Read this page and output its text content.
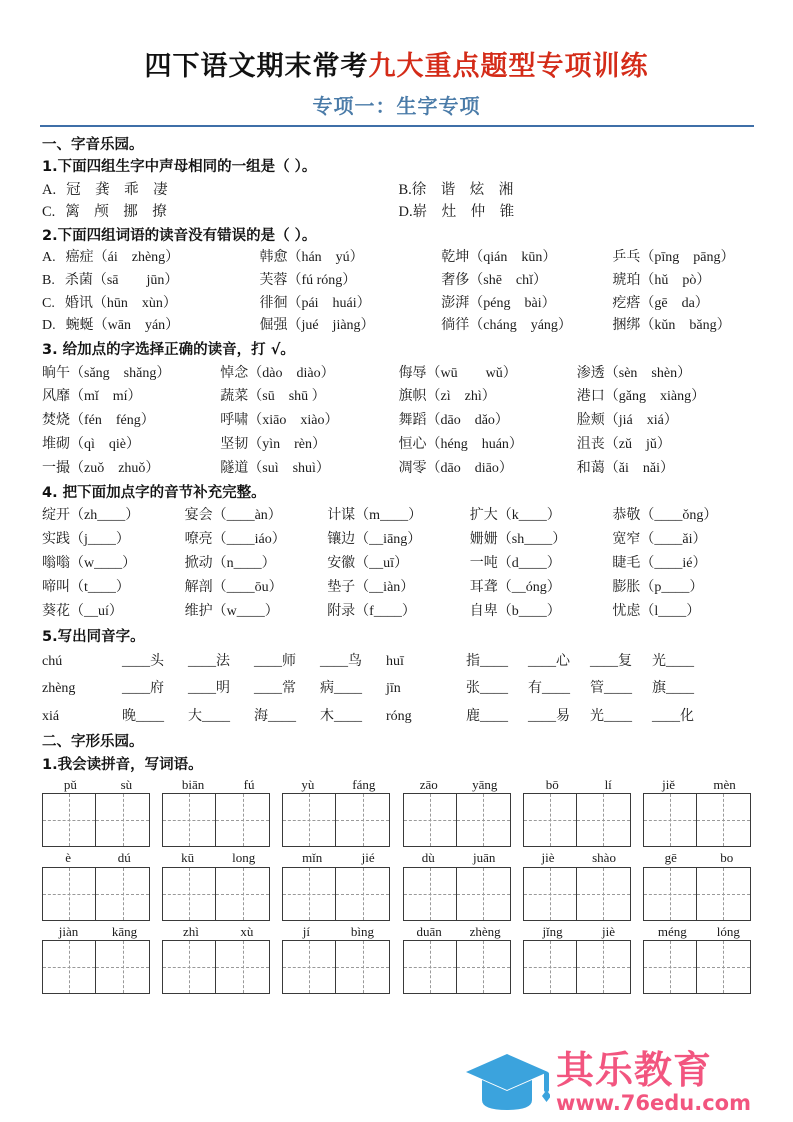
四下语文期末常考九大重点题型专项训练
专项一：生字专项
一、字音乐园。
1.下面四组生字中声母相同的一组是（ ）。
A. 冠　龚　乖　凄	B.徐　谐　炫　湘
C. 篱　颅　挪　撩	D.崭　灶　仲　锥
2.下面四组词语的读音没有错误的是（ ）。
A. 癌症（ái　zhèng）	韩愈（hán　yú）	乾坤（qián　kūn）	乒乓（pīng　pāng）
B. 杀菌（sā　　jūn）	芙蓉（fú róng）	奢侈（shē　chǐ）	琥珀（hǔ　pò）
C. 婚讯（hūn　xùn）	徘徊（pái　huái）	澎湃（péng　bài）	疙瘩（gē　da）
D. 蜿蜒（wān　yán）	倔强（jué　jiàng）	徜徉（cháng　yáng）	捆绑（kǔn　bǎng）
3. 给加点的字选择正确的读音，打 √。
晌午（sǎng　shǎng）	悼念（dào　diào）	侮辱（wū　　wǔ）	渗透（sèn　shèn）
风靡（mǐ　mí）	蔬菜（sū　shū ）	旗帜（zì　zhì）	港口（gǎng　xiàng）
焚烧（fén　féng）	呼啸（xiāo　xiào）	舞蹈（dāo　dǎo）	脸颊（jiá　xiá）
堆砌（qì　qiè）	坚韧（yìn　rèn）	恒心（héng　huán）	沮丧（zǔ　jǔ）
一撮（zuǒ　zhuǒ）	隧道（suì　shuì）	凋零（dāo　diāo）	和蔼（ǎi　nǎi）
4. 把下面加点字的音节补充完整。
绽开（zh____）	宴会（____àn）	计谋（m____）	扩大（k____）	恭敬（____ǒng）
实践（j____）	嘹亮（____iáo）	镶边（__iāng）	姗姗（sh____）	宽窄（____ǎi）
嗡嗡（w____）	掀动（n____）	安徽（__uī）	一吨（d____）	睫毛（____ié）
啼叫（t____）	解剖（____ōu）	垫子（__iàn）	耳聋（__óng）	膨胀（p____）
葵花（__uí）	维护（w____）	附录（f____）	自卑（b____）	忧虑（l____）
5.写出同音字。
chú	____头	____法	____师	____鸟	huī	指____	____心	____复	光____
zhèng	____府	____明	____常	病____	jīn	张____	有____	管____	旗____
xiá	晚____	大____	海____	木____	róng	鹿____	____易	光____	____化
二、字形乐园。
1.我会读拼音，写词语。
pǔ	sù	biān	fú	yù	fáng	zāo	yāng	bō	lí	jiě	mèn
è	dú	kū	long	mǐn	jié	dù	juān	jiè	shào	gē	bo
jiàn	kāng	zhì	xù	jí	bìng	duān zhèng	jǐng	jiè	méng lóng
其乐教育
www.76edu.com
